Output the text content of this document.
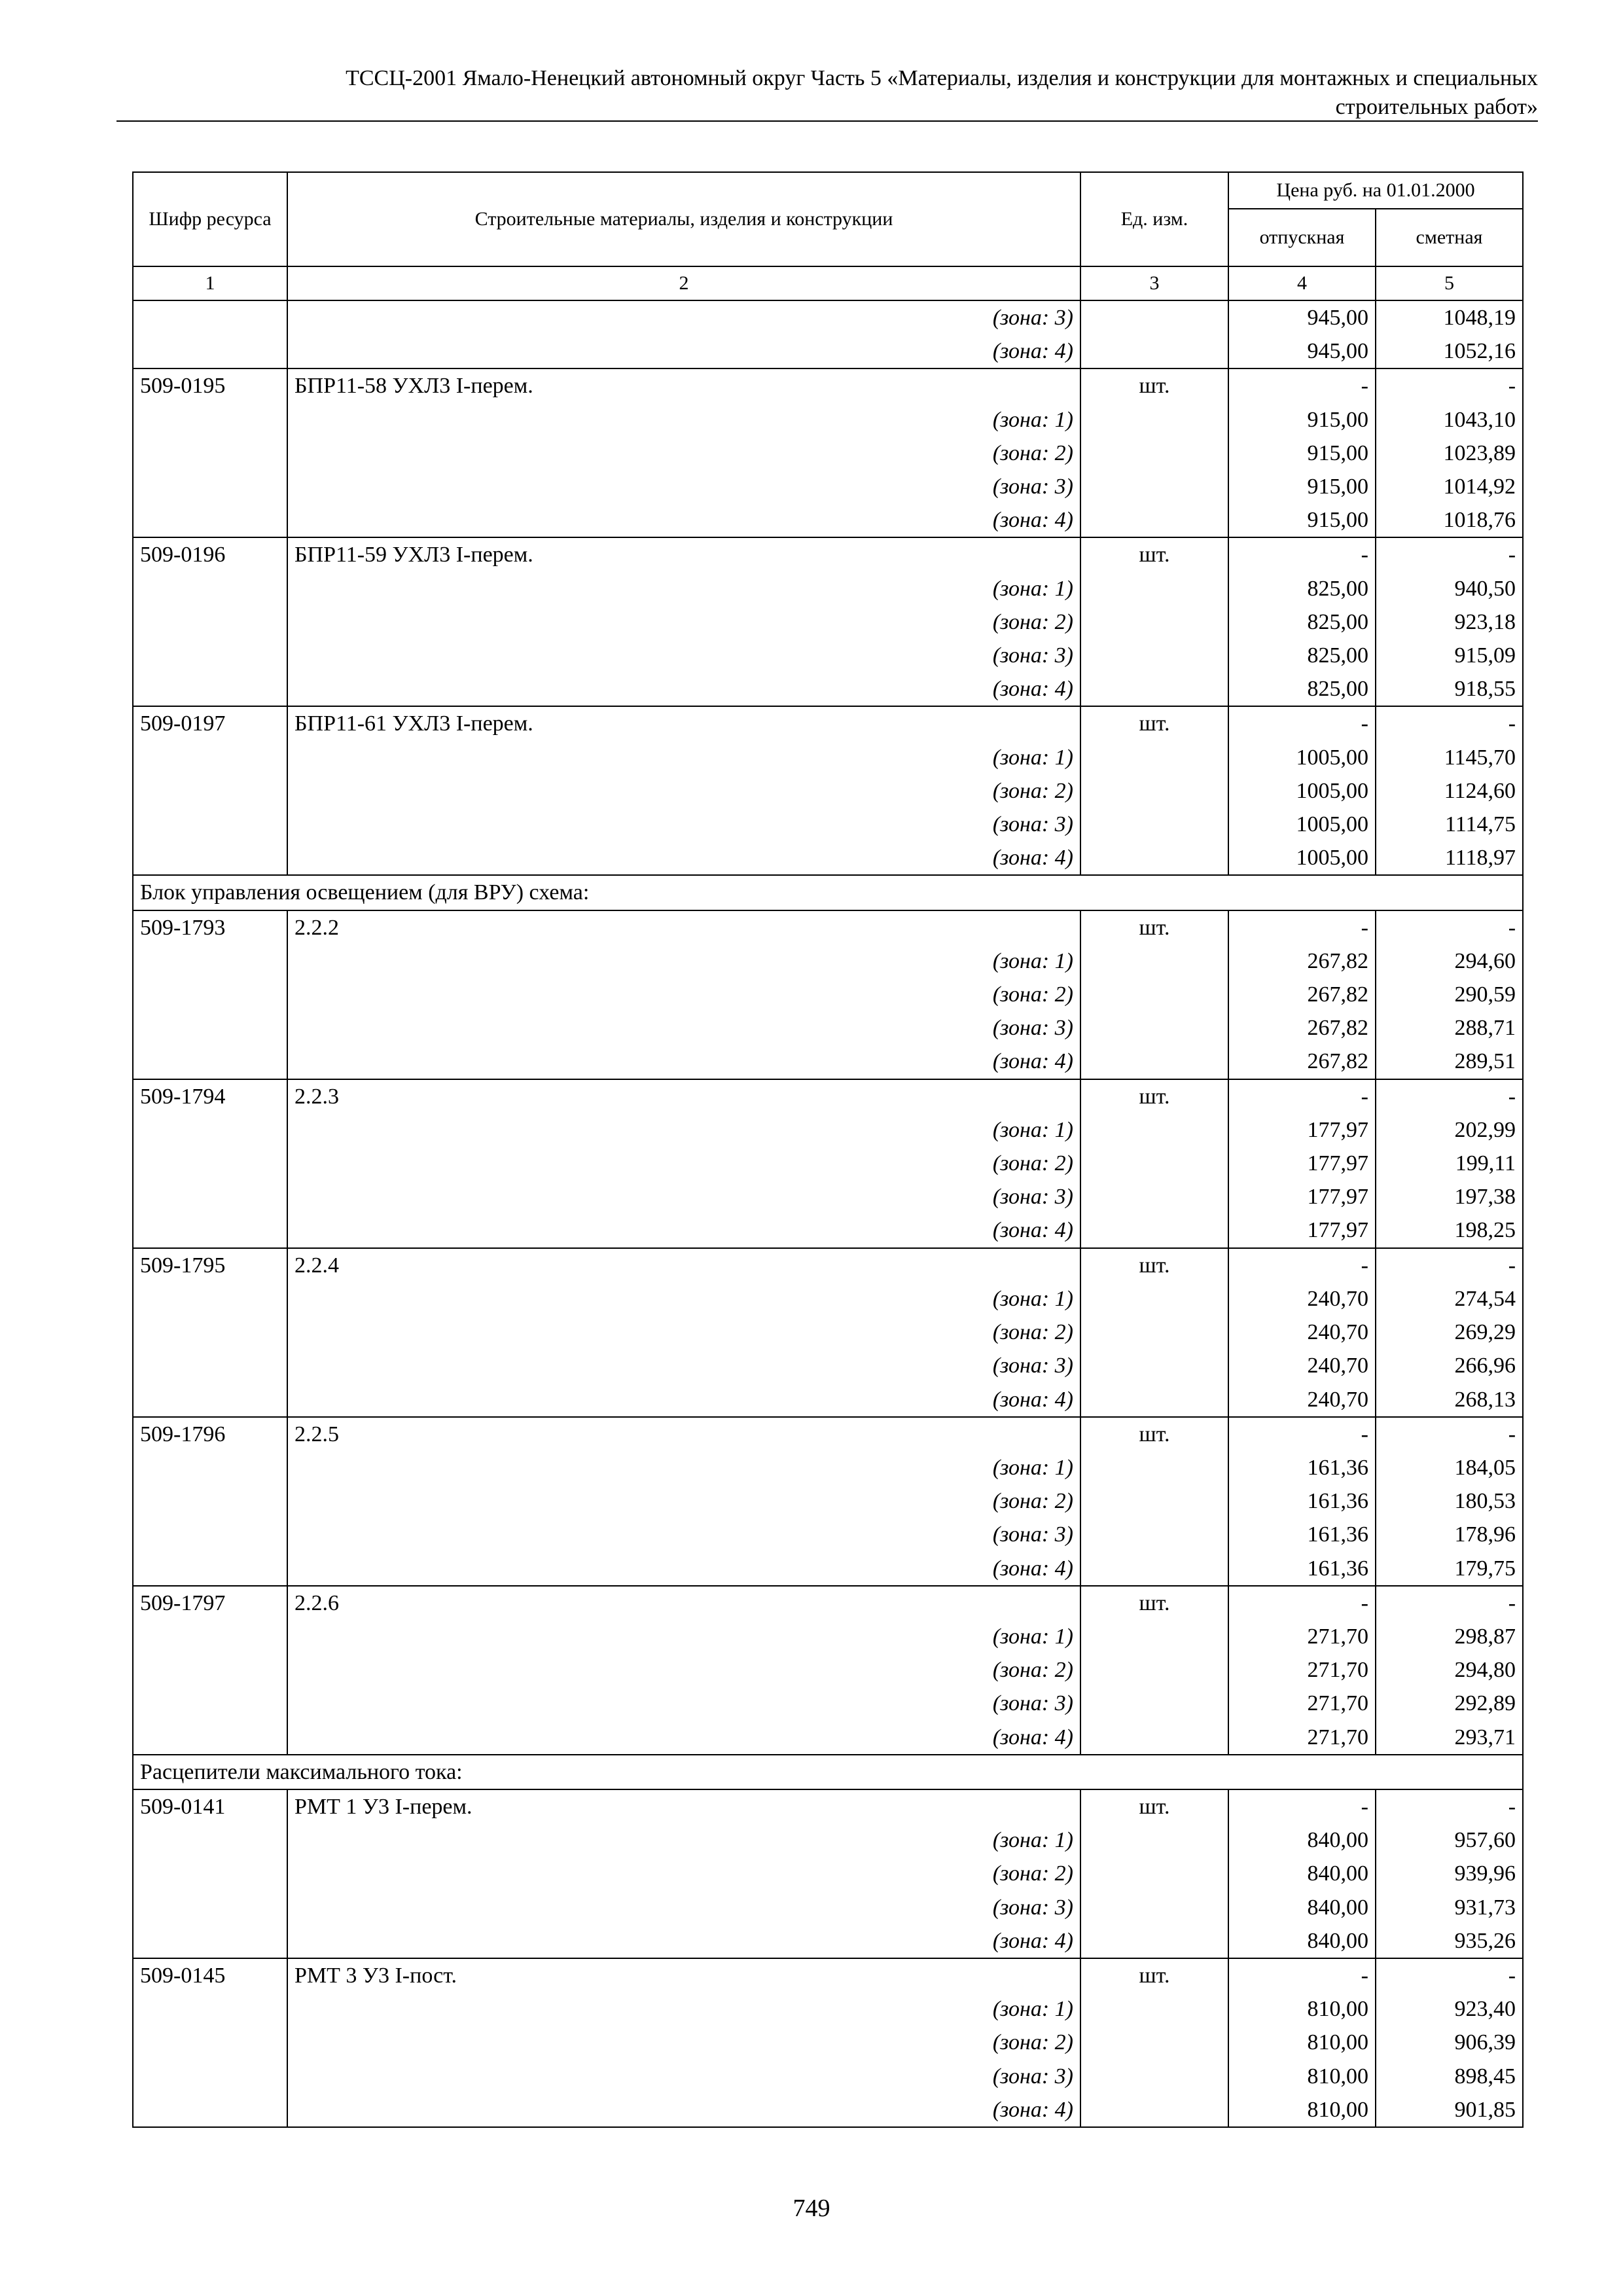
ТССЦ-2001 Ямало-Ненецкий автономный округ Часть 5 «Материалы, изделия и конструкции для монтажных и специальных
строительных работ»
Шифр ресурса	Строительные материалы, изделия и конструкции	Ед. изм.	Цена руб. на 01.01.2000	
			отпускная	сметная
1	2	3	4	5
	(зона: 3)		945,00	1048,19
	(зона: 4)		945,00	1052,16
509-0195	БПР11-58 УХЛ3 I-перем.	шт.	-	-
	(зона: 1)		915,00	1043,10
	(зона: 2)		915,00	1023,89
	(зона: 3)		915,00	1014,92
	(зона: 4)		915,00	1018,76
509-0196	БПР11-59 УХЛ3 I-перем.	шт.	-	-
	(зона: 1)		825,00	940,50
	(зона: 2)		825,00	923,18
	(зона: 3)		825,00	915,09
	(зона: 4)		825,00	918,55
509-0197	БПР11-61 УХЛ3 I-перем.	шт.	-	-
	(зона: 1)		1005,00	1145,70
	(зона: 2)		1005,00	1124,60
	(зона: 3)		1005,00	1114,75
	(зона: 4)		1005,00	1118,97
Блок управления освещением (для ВРУ) схема:				
509-1793	2.2.2	шт.	-	-
	(зона: 1)		267,82	294,60
	(зона: 2)		267,82	290,59
	(зона: 3)		267,82	288,71
	(зона: 4)		267,82	289,51
509-1794	2.2.3	шт.	-	-
	(зона: 1)		177,97	202,99
	(зона: 2)		177,97	199,11
	(зона: 3)		177,97	197,38
	(зона: 4)		177,97	198,25
509-1795	2.2.4	шт.	-	-
	(зона: 1)		240,70	274,54
	(зона: 2)		240,70	269,29
	(зона: 3)		240,70	266,96
	(зона: 4)		240,70	268,13
509-1796	2.2.5	шт.	-	-
	(зона: 1)		161,36	184,05
	(зона: 2)		161,36	180,53
	(зона: 3)		161,36	178,96
	(зона: 4)		161,36	179,75
509-1797	2.2.6	шт.	-	-
	(зона: 1)		271,70	298,87
	(зона: 2)		271,70	294,80
	(зона: 3)		271,70	292,89
	(зона: 4)		271,70	293,71
Расцепители максимального тока:				
509-0141	РМТ 1 У3 I-перем.	шт.	-	-
	(зона: 1)		840,00	957,60
	(зона: 2)		840,00	939,96
	(зона: 3)		840,00	931,73
	(зона: 4)		840,00	935,26
509-0145	РМТ 3 У3 I-пост.	шт.	-	-
	(зона: 1)		810,00	923,40
	(зона: 2)		810,00	906,39
	(зона: 3)		810,00	898,45
	(зона: 4)		810,00	901,85
749
